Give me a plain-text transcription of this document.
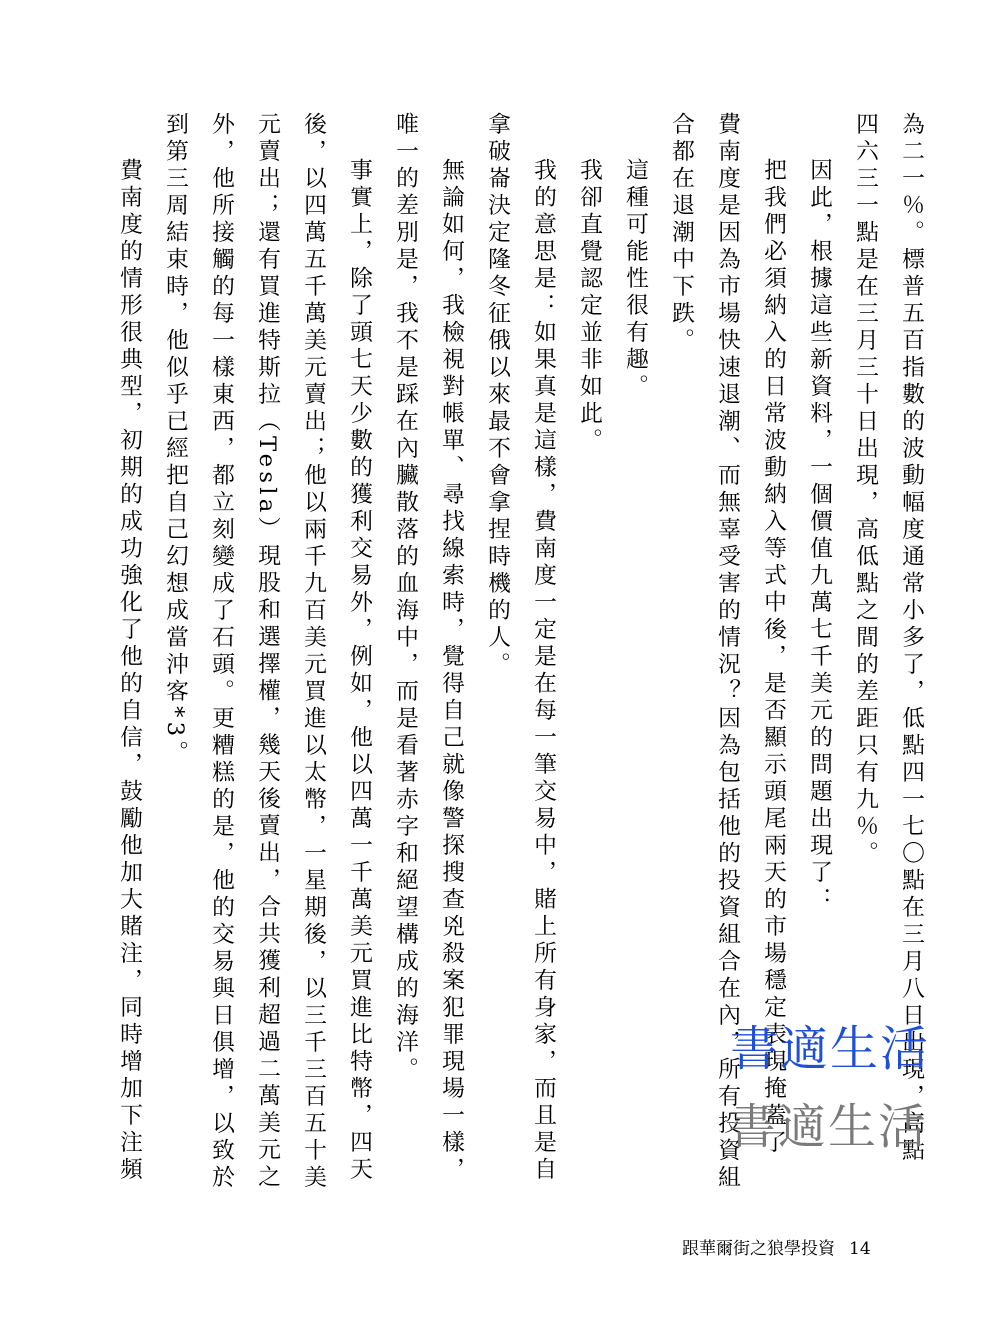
為二一％。標普五百指數的波動幅度通常小多了，低點四一七〇點在三月八日出現，高點

四六三一點是在三月三十日出現，高低點之間的差距只有九％。

因此，根據這些新資料，一個價值九萬七千美元的問題出現了：

把我們必須納入的日常波動納入等式中後，是否顯示頭尾兩天的市場穩定表現掩蓋了

費南度是因為市場快速退潮、而無辜受害的情況？因為包括他的投資組合在內，所有投資組

合都在退潮中下跌。

這種可能性很有趣。

我卻直覺認定並非如此。

我的意思是：如果真是這樣，費南度一定是在每一筆交易中，賭上所有身家，而且是自

拿破崙決定隆冬征俄以來最不會拿捏時機的人。

無論如何，我檢視對帳單、尋找線索時，覺得自己就像警探搜查兇殺案犯罪現場一樣，

唯一的差別是，我不是踩在內臟散落的血海中，而是看著赤字和絕望構成的海洋。

事實上，除了頭七天少數的獲利交易外，例如，他以四萬一千萬美元買進比特幣，四天

後，以四萬五千萬美元賣出；他以兩千九百美元買進以太幣，一星期後，以三千三百五十美

元賣出；還有買進特斯拉（Tesla）現股和選擇權，幾天後賣出，合共獲利超過二萬美元之

外，他所接觸的每一樣東西，都立刻變成了石頭。更糟糕的是，他的交易與日俱增，以致於

到第三周結束時，他似乎已經把自己幻想成當沖客*3。

費南度的情形很典型，初期的成功強化了他的自信，鼓勵他加大賭注，同時增加下注頻	書適生活
書適生活
跟華爾街之狼學投資 14
